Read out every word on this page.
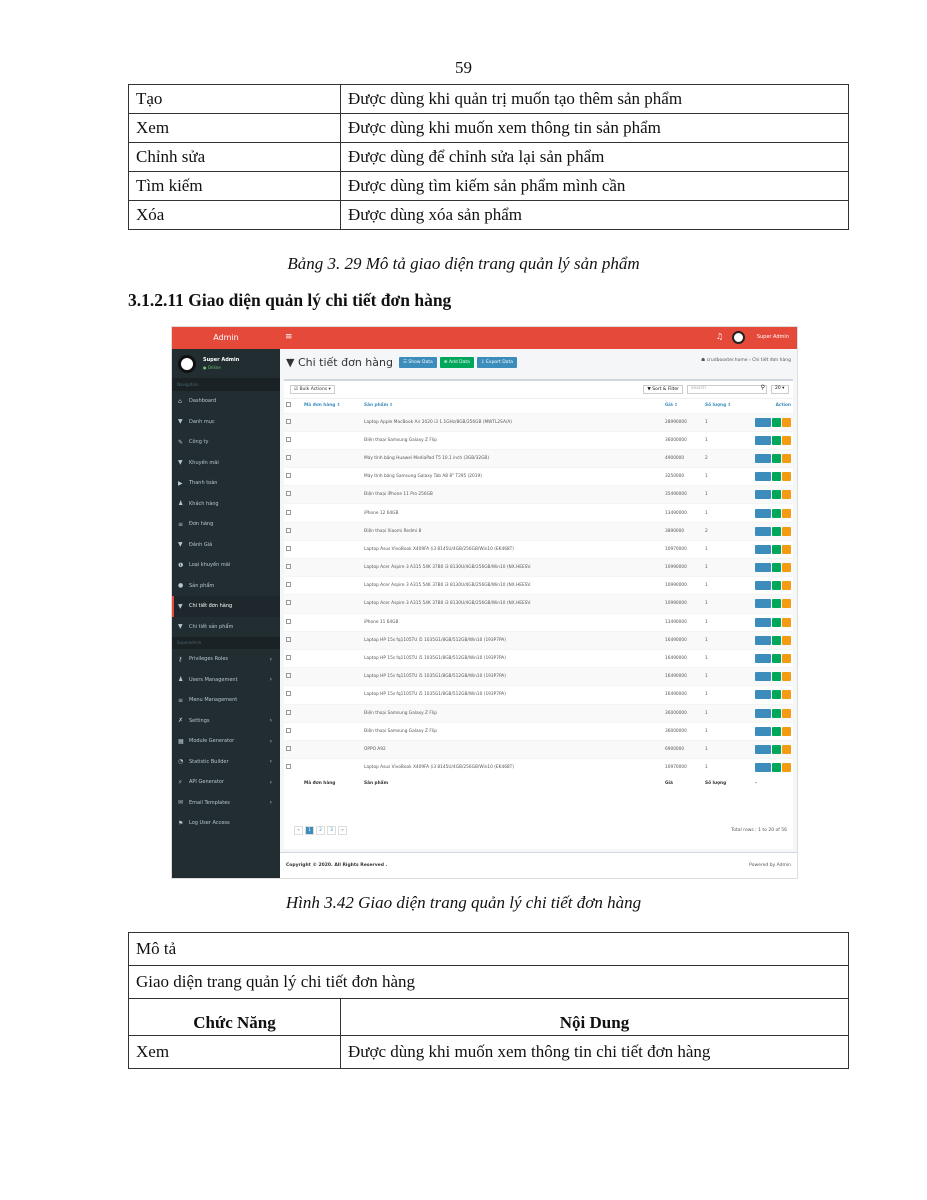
59
Tạo	Được dùng khi quản trị muốn tạo thêm sản phẩm
Xem	Được dùng khi muốn xem thông tin sản phẩm
Chỉnh sửa	Được dùng để chỉnh sửa lại sản phẩm
Tìm kiếm	Được dùng tìm kiếm sản phẩm mình cần
Xóa	Được dùng xóa sản phẩm
Bảng 3. 29 Mô tả giao diện trang quản lý sản phẩm
3.1.2.11 Giao diện quản lý chi tiết đơn hàng
Admin
Super Admin
● Online
Navigation
⌂	Dashboard
▼	Danh mục
✎	Công ty
▼	Khuyến mãi
▶	Thanh toán
♟	Khách hàng
≡	Đơn hàng
▼	Đánh Giá
❶	Loại khuyến mãi
●	Sản phẩm
▼	Chi tiết đơn hàng
▼	Chi tiết sản phẩm
Superadmin
⚷	Privileges Roles	›
♟	Users Management	›
≡	Menu Management
✗	Settings	›
▦ Module Generator	›
◔	Statistic Builder	›
⚡	API Generator	›
✉	Email Templates	›
⚑	Log User Access
≡	♫	Super Admin
▼ Chi tiết đơn hàng	☰ Show Data	⊕ Add Data	⇩ Export Data	☗ crudbooster.home › Chi tiết đơn hàng
☑ Bulk Actions ▾	▼ Sort & Filter	search	⚲	20 ▾
	Mã đơn hàng ⇕	Sản phẩm ⇕	Giá ⇕	Số lượng ⇕	Action
		Laptop Apple MacBook Air 2020 i3 1.1GHz/8GB/256GB (MWTL2SA/A)	28990000	1	

		Điện thoại Samsung Galaxy Z Flip	36000000	1	

		Máy tính bảng Huawei MediaPad T5 10.1 inch (3GB/32GB)	4900000	2	

		Máy tính bảng Samsung Galaxy Tab A8 8" T295 (2019)	3250000	1	

		Điện thoại iPhone 11 Pro 256GB	35490000	1	

		iPhone 12 64GB	13490000	1	

		Điện thoại Xiaomi Redmi 8	3890000	2	

		Laptop Asus VivoBook X409FA (i3 8145U/4GB/256GB/Win10 (EK468T)	10970000	1	

		Laptop Acer Aspire 3 A315 54K 37B0 i3 8130U/4GB/256GB/Win10 (NX.HEESV.	10990000	1	

		Laptop Acer Aspire 3 A315 54K 37B0 i3 8130U/4GB/256GB/Win10 (NX.HEESV.	10990000	1	

		Laptop Acer Aspire 3 A315 54K 37B0 i3 8130U/4GB/256GB/Win10 (NX.HEESV.	10990000	1	

		iPhone 11 64GB	13490000	1	

		Laptop HP 15s fq1105TU i5 1035G1/8GB/512GB/Win10 (193P7PA)	16490000	1	

		Laptop HP 15s fq1105TU i5 1035G1/8GB/512GB/Win10 (193P7PA)	16490000	1	

		Laptop HP 15s fq1105TU i5 1035G1/8GB/512GB/Win10 (193P7PA)	16490000	1	

		Laptop HP 15s fq1105TU i5 1035G1/8GB/512GB/Win10 (193P7PA)	16490000	1	

		Điện thoại Samsung Galaxy Z Flip	36000000	1	

		Điện thoại Samsung Galaxy Z Flip	36000000	1	

		OPPO A92	6900000	1	

		Laptop Asus VivoBook X409FA (i3 8145U/4GB/256GB/Win10 (EK468T)	10970000	1	

	Mã đơn hàng	Sản phẩm	Giá	Số lượng	-
«	1	2	3	»	Total rows : 1 to 20 of 56
Copyright © 2020. All Rights Reserved .	Powered by Admin
Hình 3.42 Giao diện trang quản lý chi tiết đơn hàng
Mô tả	
Giao diện trang quản lý chi tiết đơn hàng	
Chức Năng	Nội Dung
Xem	Được dùng khi muốn xem thông tin chi tiết đơn hàng
